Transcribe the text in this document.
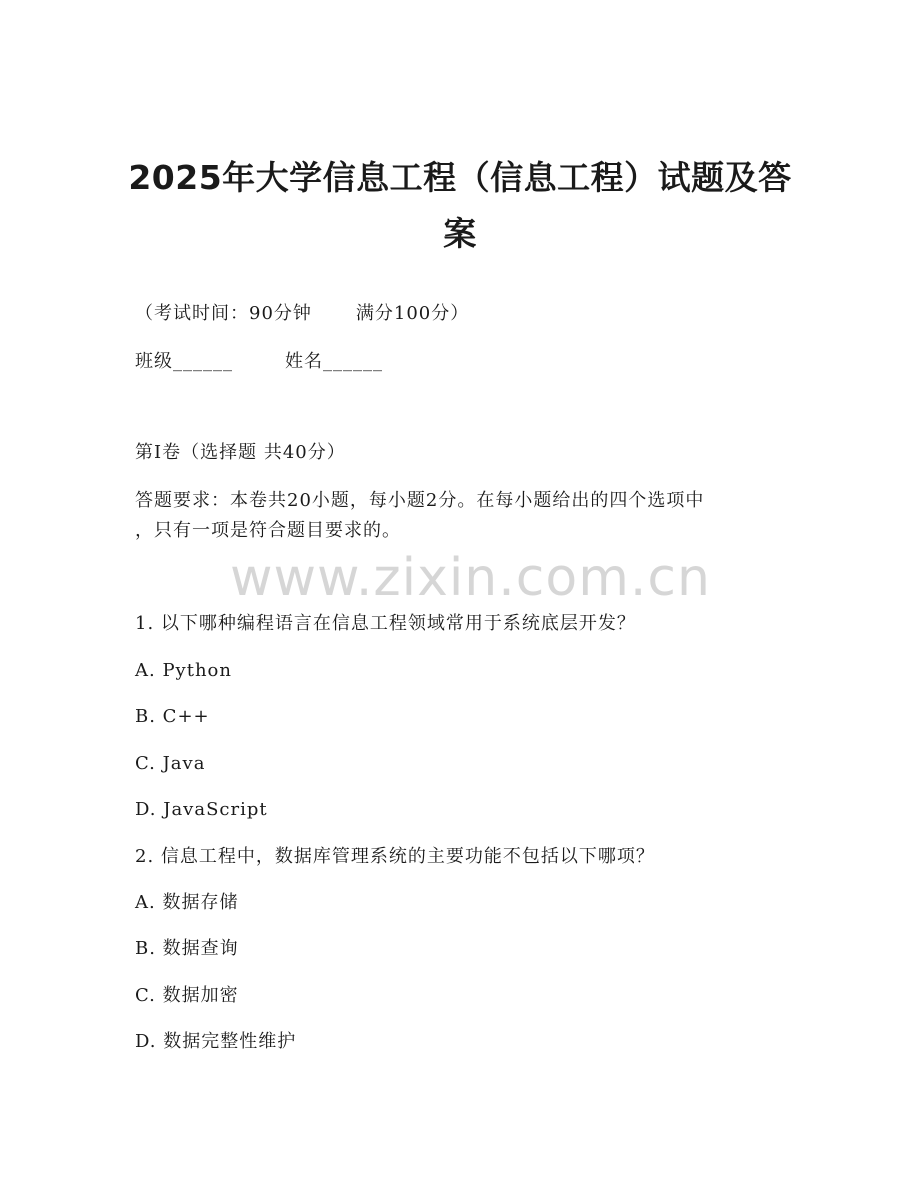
2025年大学信息工程（信息工程）试题及答案
（考试时间：90分钟 满分100分）
班级______	姓名______
第I卷（选择题 共40分）
答题要求：本卷共20小题，每小题2分。在每小题给出的四个选项中
，只有一项是符合题目要求的。
www.zixin.com.cn
1. 以下哪种编程语言在信息工程领域常用于系统底层开发？
A. Python
B. C++
C. Java
D. JavaScript
2. 信息工程中，数据库管理系统的主要功能不包括以下哪项？
A. 数据存储
B. 数据查询
C. 数据加密
D. 数据完整性维护
